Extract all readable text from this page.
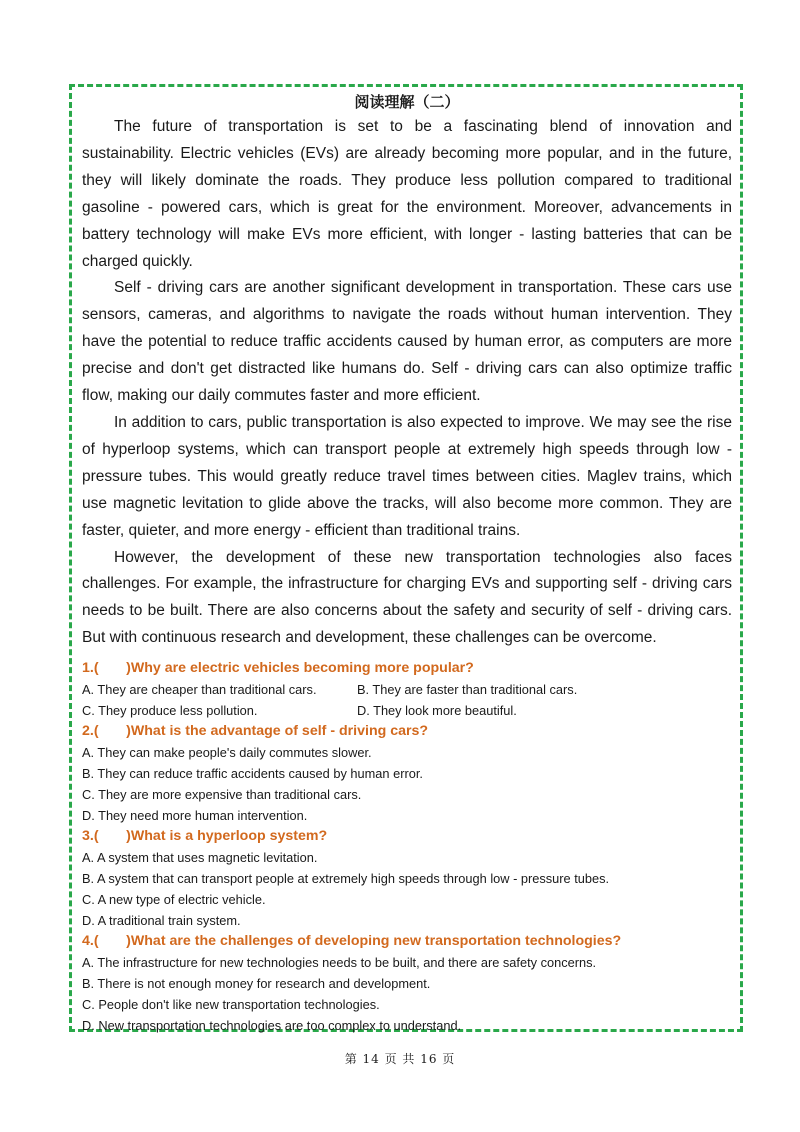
阅读理解（二）

The future of transportation is set to be a fascinating blend of innovation and sustainability. Electric vehicles (EVs) are already becoming more popular, and in the future, they will likely dominate the roads. They produce less pollution compared to traditional gasoline - powered cars, which is great for the environment. Moreover, advancements in battery technology will make EVs more efficient, with longer - lasting batteries that can be charged quickly.

Self - driving cars are another significant development in transportation. These cars use sensors, cameras, and algorithms to navigate the roads without human intervention. They have the potential to reduce traffic accidents caused by human error, as computers are more precise and don't get distracted like humans do. Self - driving cars can also optimize traffic flow, making our daily commutes faster and more efficient.

In addition to cars, public transportation is also expected to improve. We may see the rise of hyperloop systems, which can transport people at extremely high speeds through low - pressure tubes. This would greatly reduce travel times between cities. Maglev trains, which use magnetic levitation to glide above the tracks, will also become more common. They are faster, quieter, and more energy - efficient than traditional trains.

However, the development of these new transportation technologies also faces challenges. For example, the infrastructure for charging EVs and supporting self - driving cars needs to be built. There are also concerns about the safety and security of self - driving cars. But with continuous research and development, these challenges can be overcome.

1.(       )Why are electric vehicles becoming more popular?
A. They are cheaper than traditional cars.	B. They are faster than traditional cars.
C. They produce less pollution.	D. They look more beautiful.
2.(       )What is the advantage of self - driving cars?
A. They can make people's daily commutes slower.
B. They can reduce traffic accidents caused by human error.
C. They are more expensive than traditional cars.
D. They need more human intervention.
3.(       )What is a hyperloop system?
A. A system that uses magnetic levitation.
B. A system that can transport people at extremely high speeds through low - pressure tubes.
C. A new type of electric vehicle.
D. A traditional train system.
4.(       )What are the challenges of developing new transportation technologies?
A. The infrastructure for new technologies needs to be built, and there are safety concerns.
B. There is not enough money for research and development.
C. People don't like new transportation technologies.
D. New transportation technologies are too complex to understand.
第 14 页 共 16 页
